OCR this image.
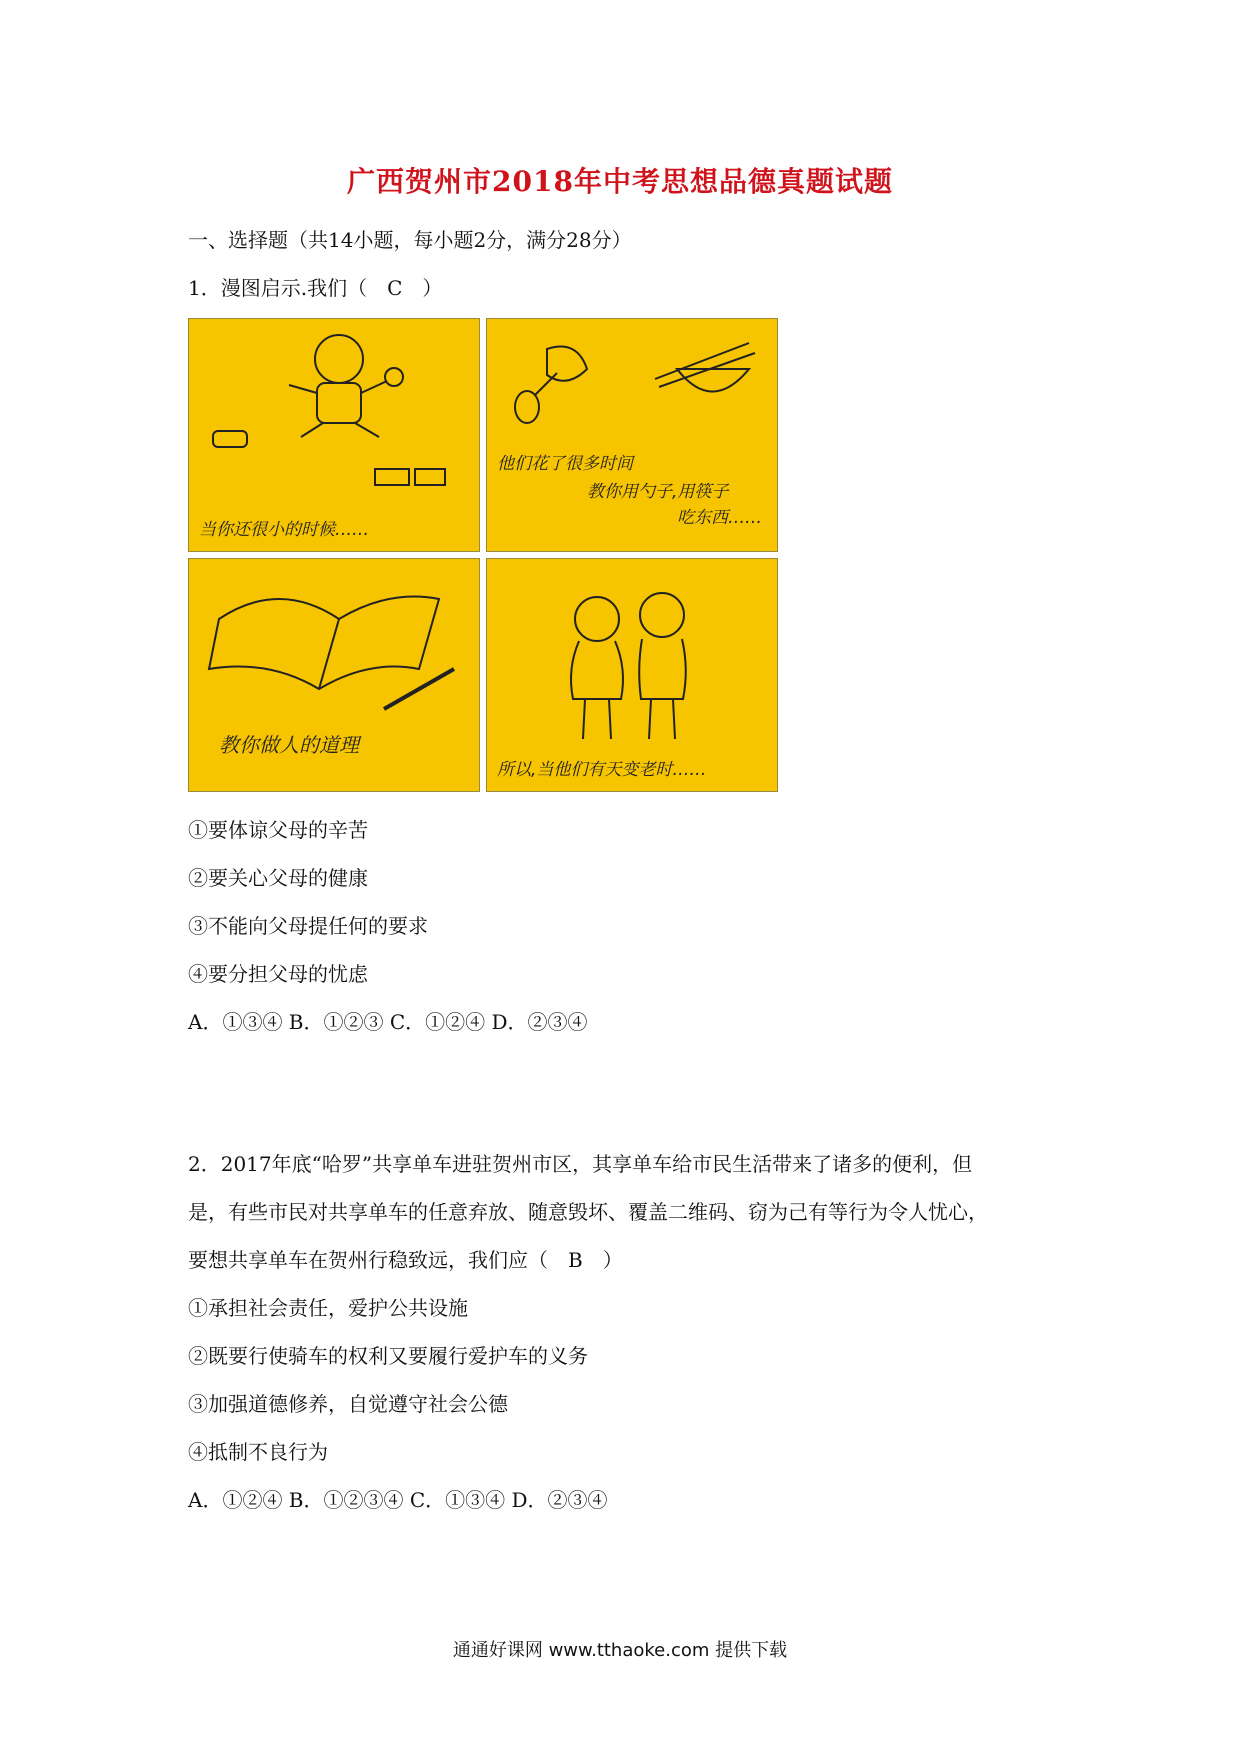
广西贺州市2018年中考思想品德真题试题
一、选择题（共14小题，每小题2分，满分28分）
1．漫图启示.我们（　C　）
当你还很小的时候……
他们花了很多时间
教你用勺子,用筷子
吃东西……
教你做人的道理
所以,当他们有天变老时……
①要体谅父母的辛苦
②要关心父母的健康
③不能向父母提任何的要求
④要分担父母的忧虑
A．①③④ B．①②③ C．①②④ D．②③④
2．2017年底“哈罗”共享单车进驻贺州市区，其享单车给市民生活带来了诸多的便利，但
是，有些市民对共享单车的任意弃放、随意毁坏、覆盖二维码、窃为己有等行为令人忧心，
要想共享单车在贺州行稳致远，我们应（　B　）
①承担社会责任，爱护公共设施
②既要行使骑车的权利又要履行爱护车的义务
③加强道德修养，自觉遵守社会公德
④抵制不良行为
A．①②④ B．①②③④ C．①③④ D．②③④
通通好课网 www.tthaoke.com 提供下载
